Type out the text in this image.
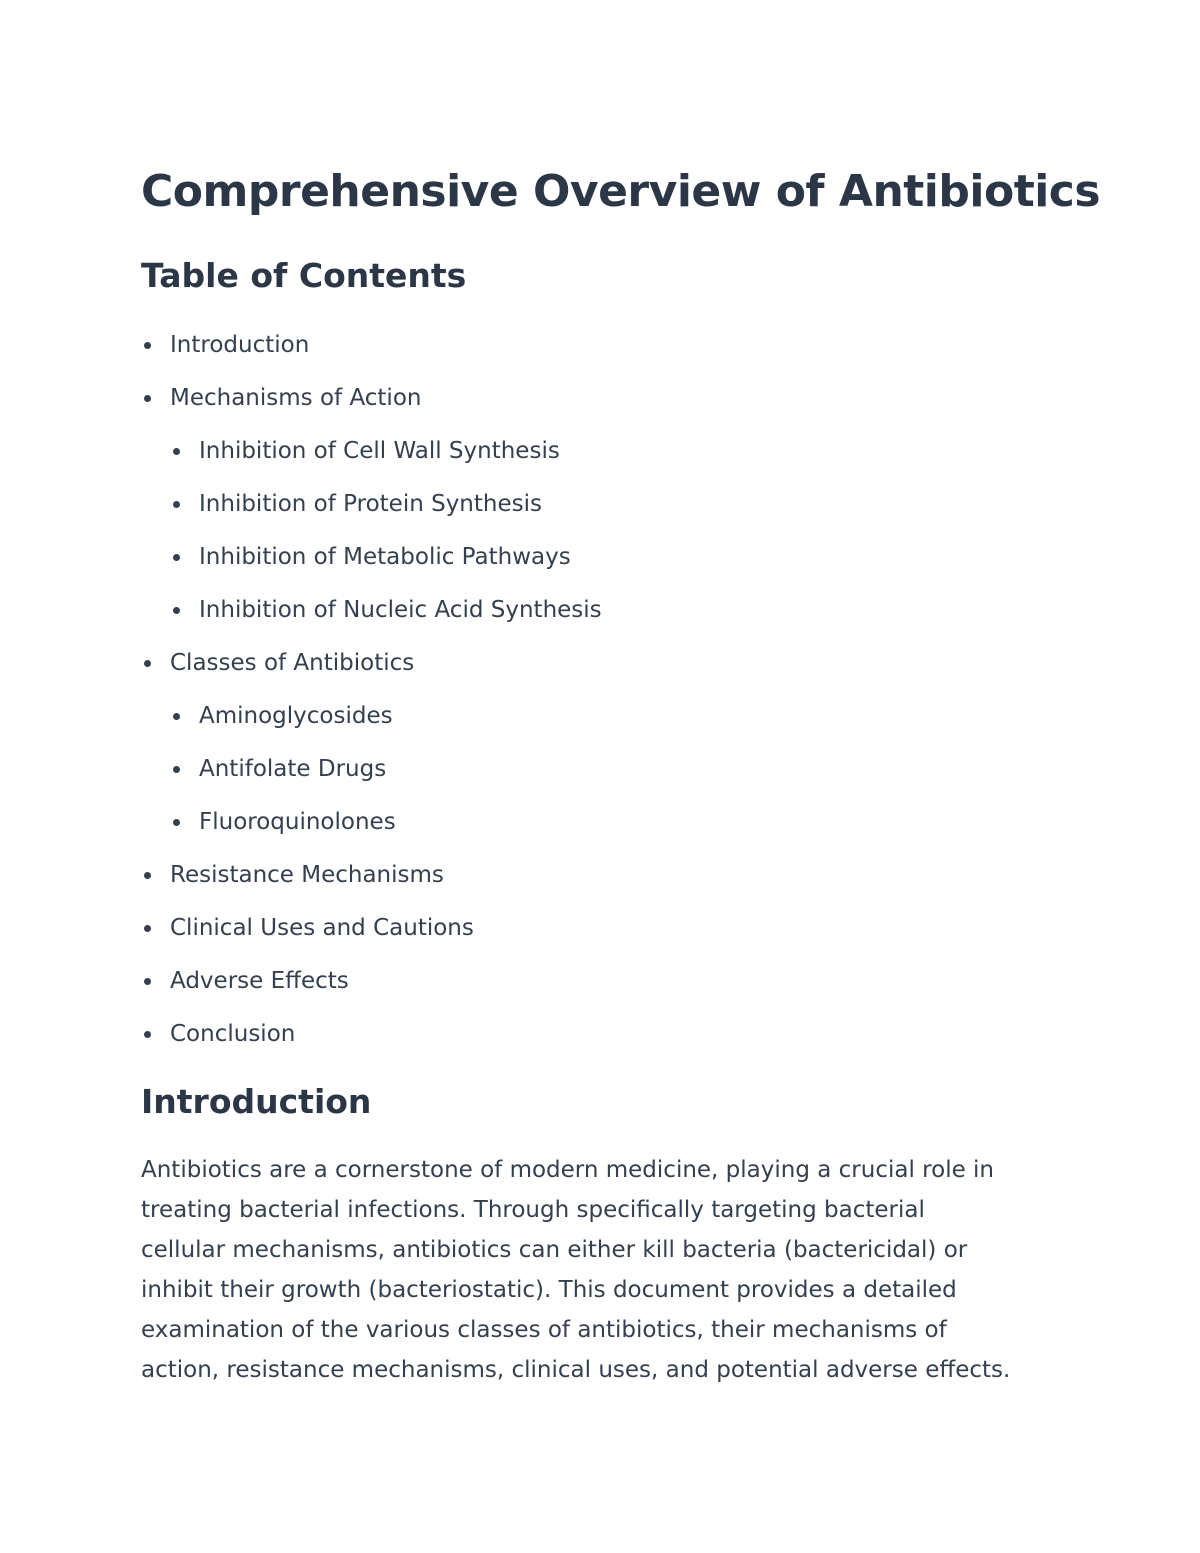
Comprehensive Overview of Antibiotics
Table of Contents
Introduction
Mechanisms of Action
Inhibition of Cell Wall Synthesis
Inhibition of Protein Synthesis
Inhibition of Metabolic Pathways
Inhibition of Nucleic Acid Synthesis
Classes of Antibiotics
Aminoglycosides
Antifolate Drugs
Fluoroquinolones
Resistance Mechanisms
Clinical Uses and Cautions
Adverse Effects
Conclusion
Introduction

Antibiotics are a cornerstone of modern medicine, playing a crucial role in
treating bacterial infections. Through specifically targeting bacterial
cellular mechanisms, antibiotics can either kill bacteria (bactericidal) or
inhibit their growth (bacteriostatic). This document provides a detailed
examination of the various classes of antibiotics, their mechanisms of
action, resistance mechanisms, clinical uses, and potential adverse effects.
